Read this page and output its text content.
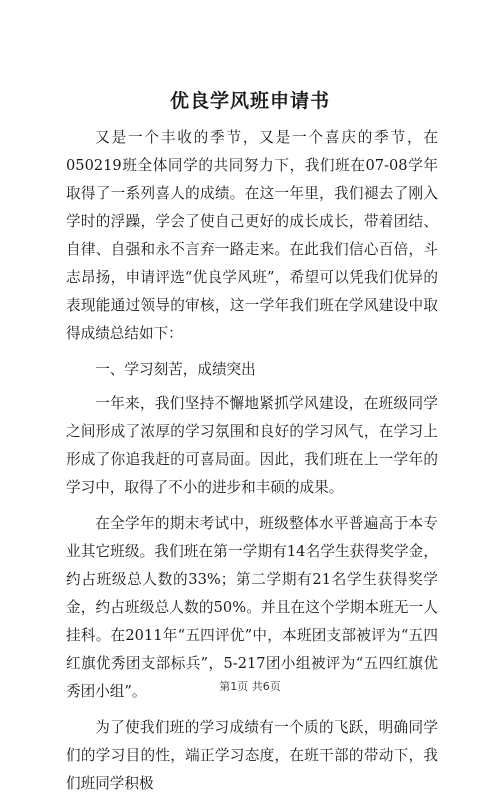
优良学风班申请书

又是一个丰收的季节，又是一个喜庆的季节，在050219班全体同学的共同努力下，我们班在07-08学年取得了一系列喜人的成绩。在这一年里，我们褪去了刚入学时的浮躁，学会了使自己更好的成长成长，带着团结、自律、自强和永不言弃一路走来。在此我们信心百倍，斗志昂扬，申请评选“优良学风班”，希望可以凭我们优异的表现能通过领导的审核，这一学年我们班在学风建设中取得成绩总结如下：

一、学习刻苦，成绩突出

一年来，我们坚持不懈地紧抓学风建设，在班级同学之间形成了浓厚的学习氛围和良好的学习风气，在学习上形成了你追我赶的可喜局面。因此，我们班在上一学年的学习中，取得了不小的进步和丰硕的成果。

在全学年的期末考试中，班级整体水平普遍高于本专业其它班级。我们班在第一学期有14名学生获得奖学金，约占班级总人数的33%；第二学期有21名学生获得奖学金，约占班级总人数的50%。并且在这个学期本班无一人挂科。在2011年“五四评优”中，本班团支部被评为“五四红旗优秀团支部标兵”，5-217团小组被评为“五四红旗优秀团小组”。

为了使我们班的学习成绩有一个质的飞跃，明确同学们的学习目的性，端正学习态度，在班干部的带动下，我们班同学积极

第1页 共6页
